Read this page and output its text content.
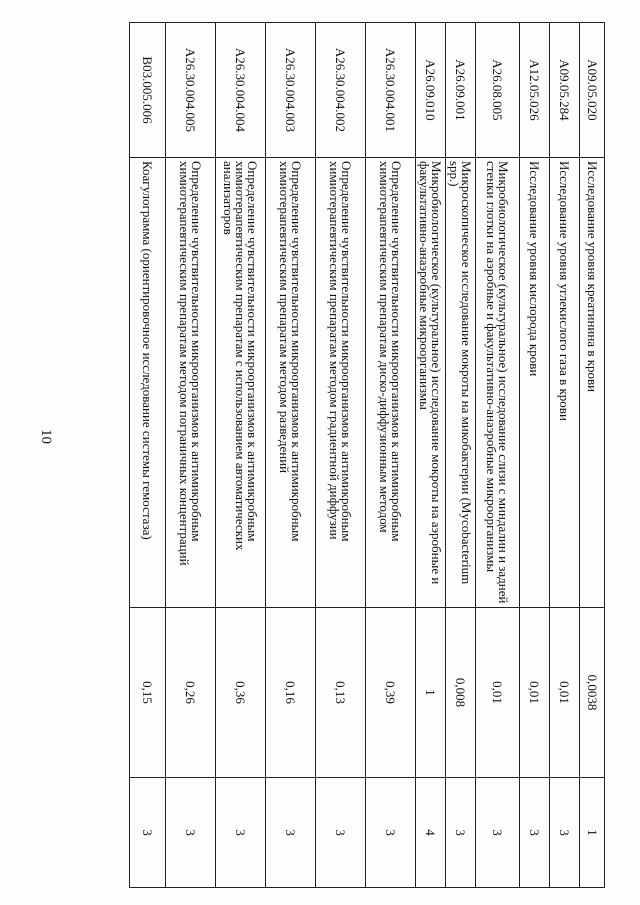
10
A09.05.020	Исследование уровня креатинина в крови	0,0038	1
A09.05.284	Исследование уровня углекислого газа в крови	0,01	3
A12.05.026	Исследование уровня кислорода крови	0,01	3
A26.08.005	Микробиологическое (культуральное) исследование слизи с миндалин и задней стенки глотки на аэробные и факультативно-анаэробные микроорганизмы	0,01	3
A26.09.001	Микроскопическое исследование мокроты на микобактерии (Mycobacterium spp.)	0,008	3
A26.09.010	Микробиологическое (культуральное) исследование мокроты на аэробные и факультативно-анаэробные микроорганизмы	1	4
A26.30.004.001	Определение чувствительности микроорганизмов к антимикробным химиотерапевтическим препаратам диско-диффузионным методом	0,39	3
A26.30.004.002	Определение чувствительности микроорганизмов к антимикробным химиотерапевтическим препаратам методом градиентной диффузии	0,13	3
A26.30.004.003	Определение чувствительности микроорганизмов к антимикробным химиотерапевтическим препаратам методом разведений	0,16	3
A26.30.004.004	Определение чувствительности микроорганизмов к антимикробным химиотерапевтическим препаратам с использованием автоматических анализаторов	0,36	3
A26.30.004.005	Определение чувствительности микроорганизмов к антимикробным химиотерапевтическим препаратам методом пограничных концентраций	0,26	3
B03.005.006	Коагулограмма (ориентировочное исследование системы гемостаза)	0,15	3
